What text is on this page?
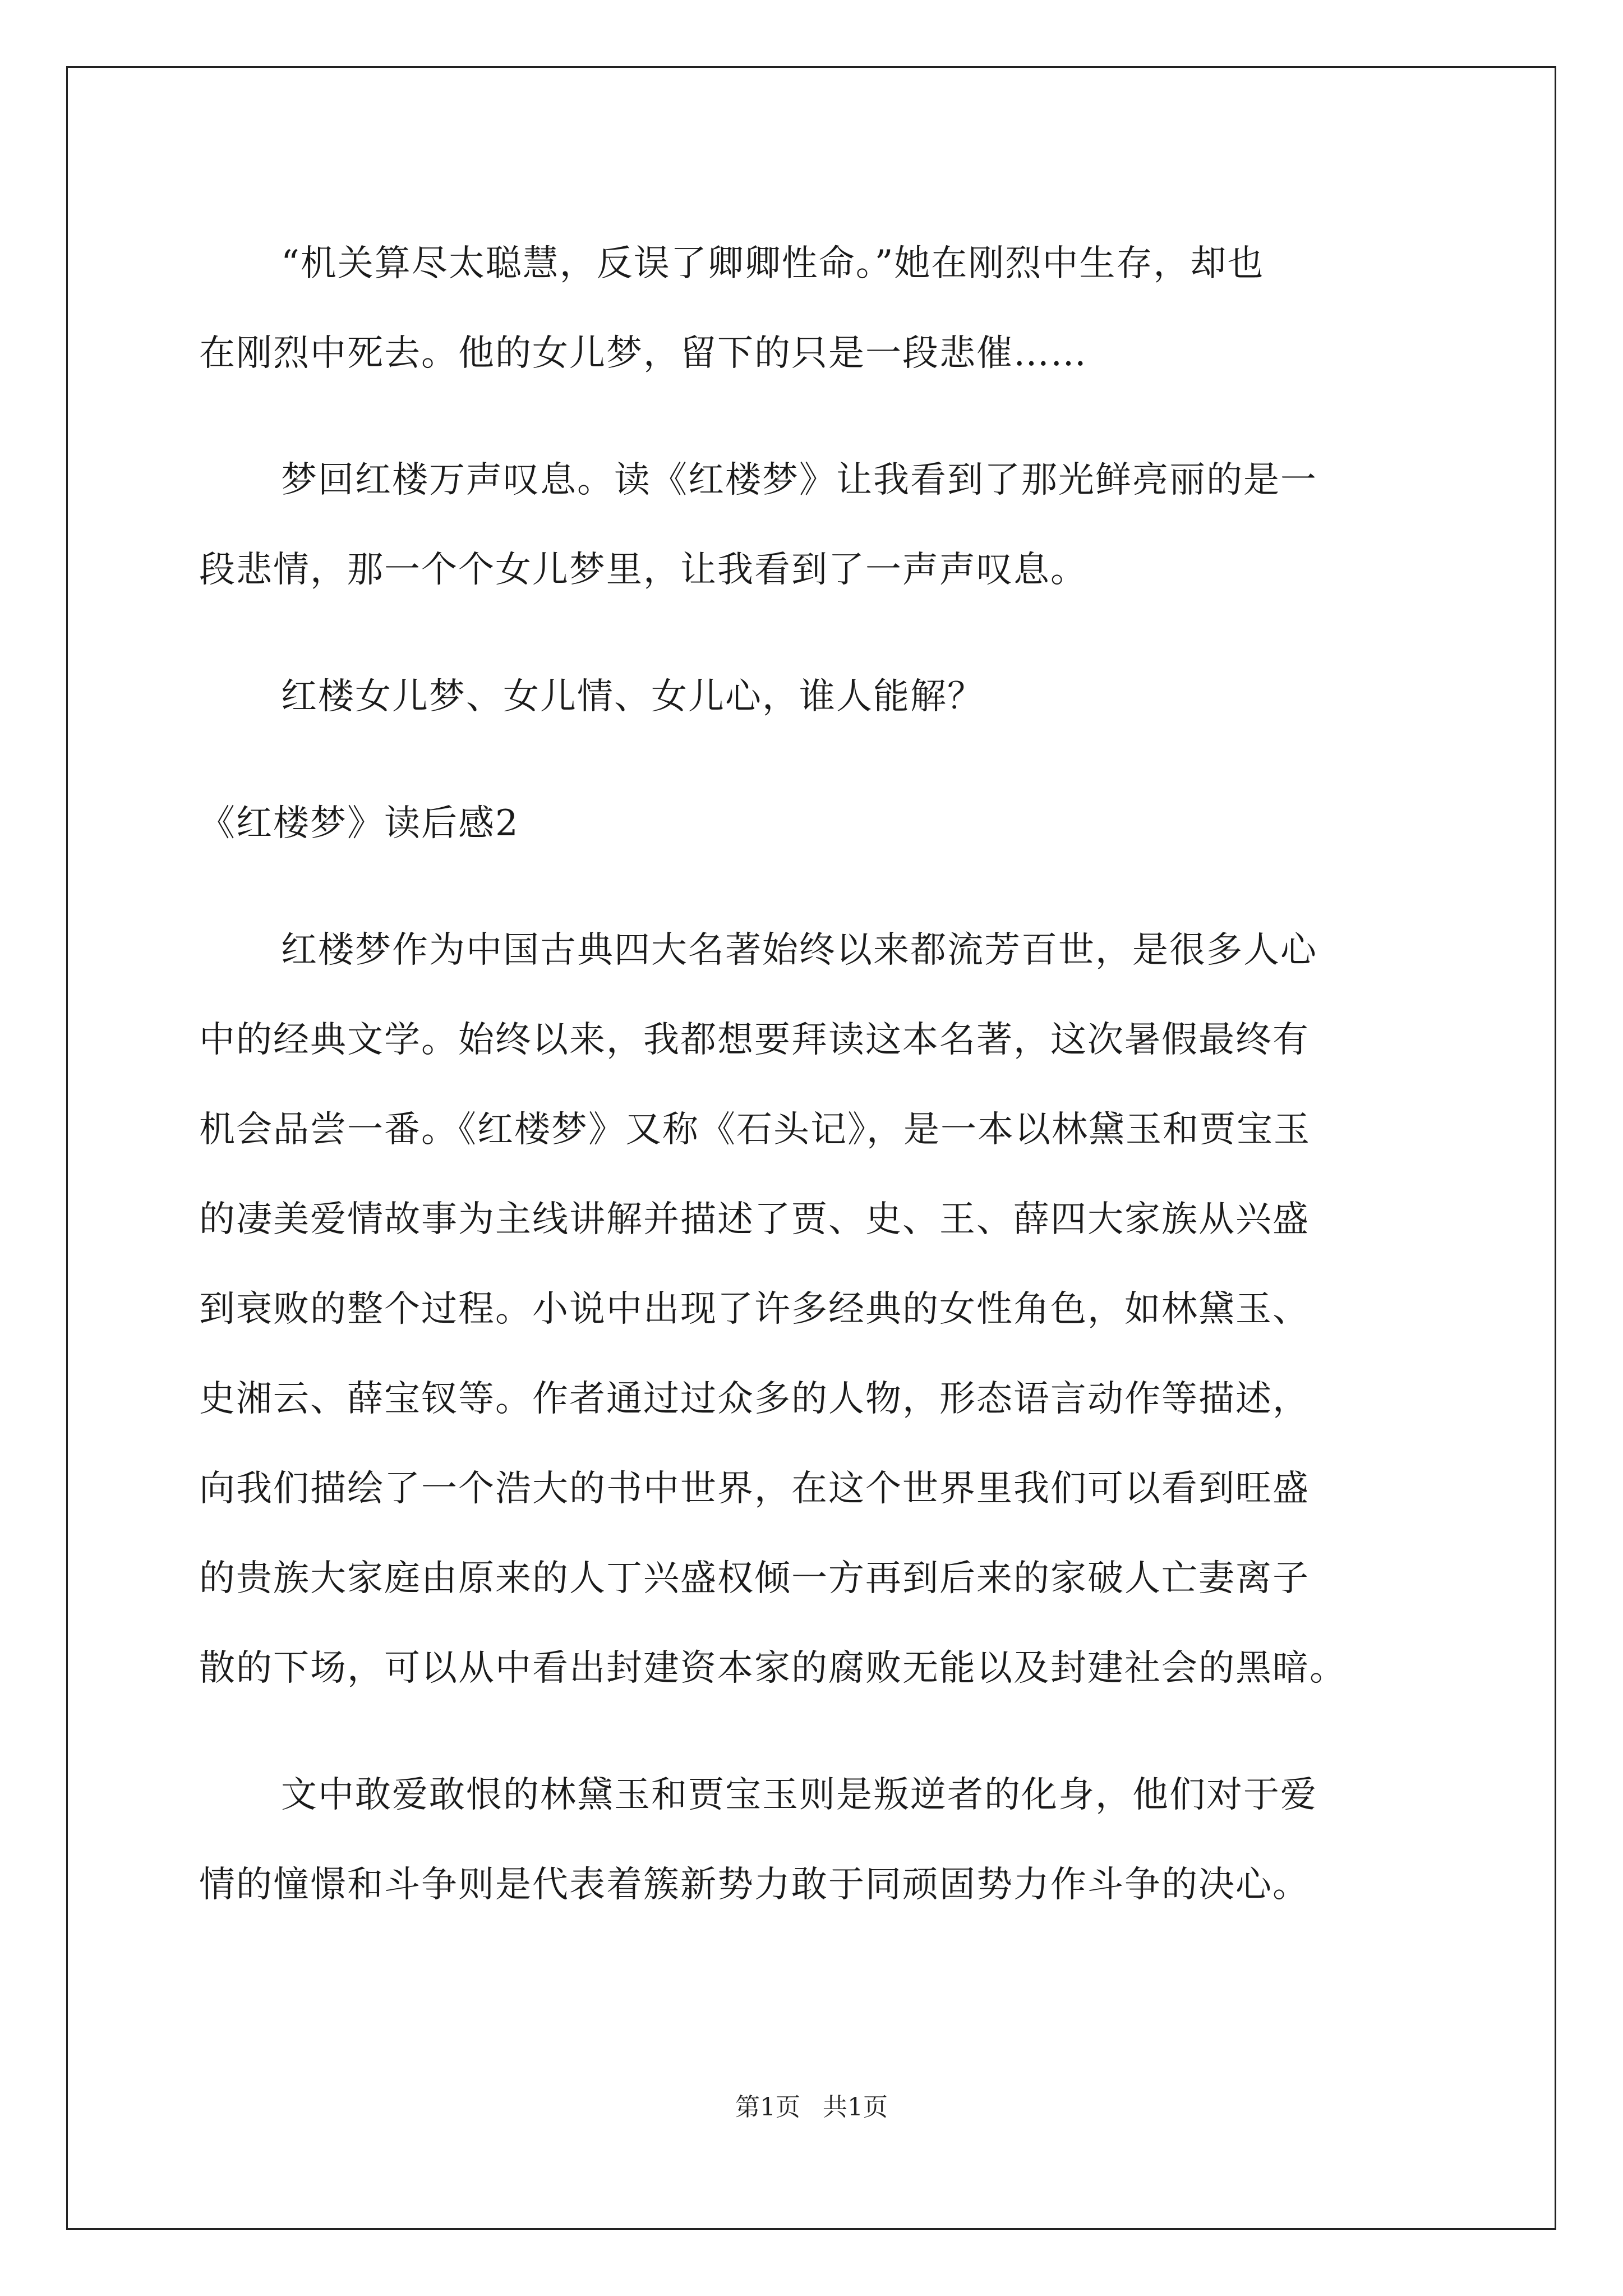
“机关算尽太聪慧，反误了卿卿性命。”她在刚烈中生存，却也
在刚烈中死去。他的女儿梦，留下的只是一段悲催……

梦回红楼万声叹息。读《红楼梦》让我看到了那光鲜亮丽的是一
段悲情，那一个个女儿梦里，让我看到了一声声叹息。

红楼女儿梦、女儿情、女儿心，谁人能解？

《红楼梦》读后感2

红楼梦作为中国古典四大名著始终以来都流芳百世，是很多人心
中的经典文学。始终以来，我都想要拜读这本名著，这次暑假最终有
机会品尝一番。《红楼梦》又称《石头记》，是一本以林黛玉和贾宝玉
的凄美爱情故事为主线讲解并描述了贾、史、王、薛四大家族从兴盛
到衰败的整个过程。小说中出现了许多经典的女性角色，如林黛玉、
史湘云、薛宝钗等。作者通过过众多的人物，形态语言动作等描述，
向我们描绘了一个浩大的书中世界，在这个世界里我们可以看到旺盛
的贵族大家庭由原来的人丁兴盛权倾一方再到后来的家破人亡妻离子
散的下场，可以从中看出封建资本家的腐败无能以及封建社会的黑暗。

文中敢爱敢恨的林黛玉和贾宝玉则是叛逆者的化身，他们对于爱
情的憧憬和斗争则是代表着簇新势力敢于同顽固势力作斗争的决心。

第1页 共1页
